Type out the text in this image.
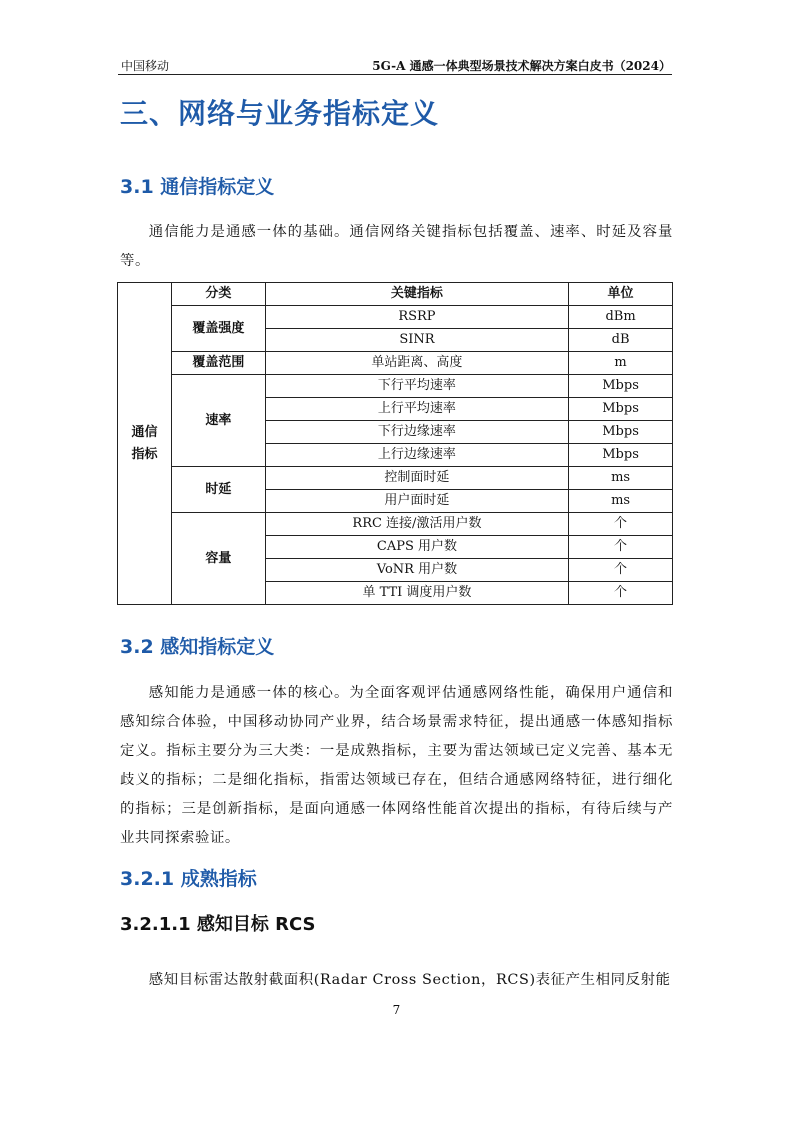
中国移动	5G-A 通感一体典型场景技术解决方案白皮书（2024）
三、网络与业务指标定义
3.1 通信指标定义
通信能力是通感一体的基础。通信网络关键指标包括覆盖、速率、时延及容量等。
通信指标	分类	关键指标	单位
	覆盖强度	RSRP	dBm
		SINR	dB
	覆盖范围	单站距离、高度	m
	速率	下行平均速率	Mbps
		上行平均速率	Mbps
		下行边缘速率	Mbps
		上行边缘速率	Mbps
	时延	控制面时延	ms
		用户面时延	ms
	容量	RRC 连接/激活用户数	个
		CAPS 用户数	个
		VoNR 用户数	个
		单 TTI 调度用户数	个
3.2 感知指标定义
感知能力是通感一体的核心。为全面客观评估通感网络性能，确保用户通信和感知综合体验，中国移动协同产业界，结合场景需求特征，提出通感一体感知指标定义。指标主要分为三大类：一是成熟指标，主要为雷达领域已定义完善、基本无歧义的指标；二是细化指标，指雷达领域已存在，但结合通感网络特征，进行细化的指标；三是创新指标，是面向通感一体网络性能首次提出的指标，有待后续与产业共同探索验证。
3.2.1 成熟指标
3.2.1.1 感知目标 RCS
感知目标雷达散射截面积(Radar Cross Section，RCS)表征产生相同反射能
7
